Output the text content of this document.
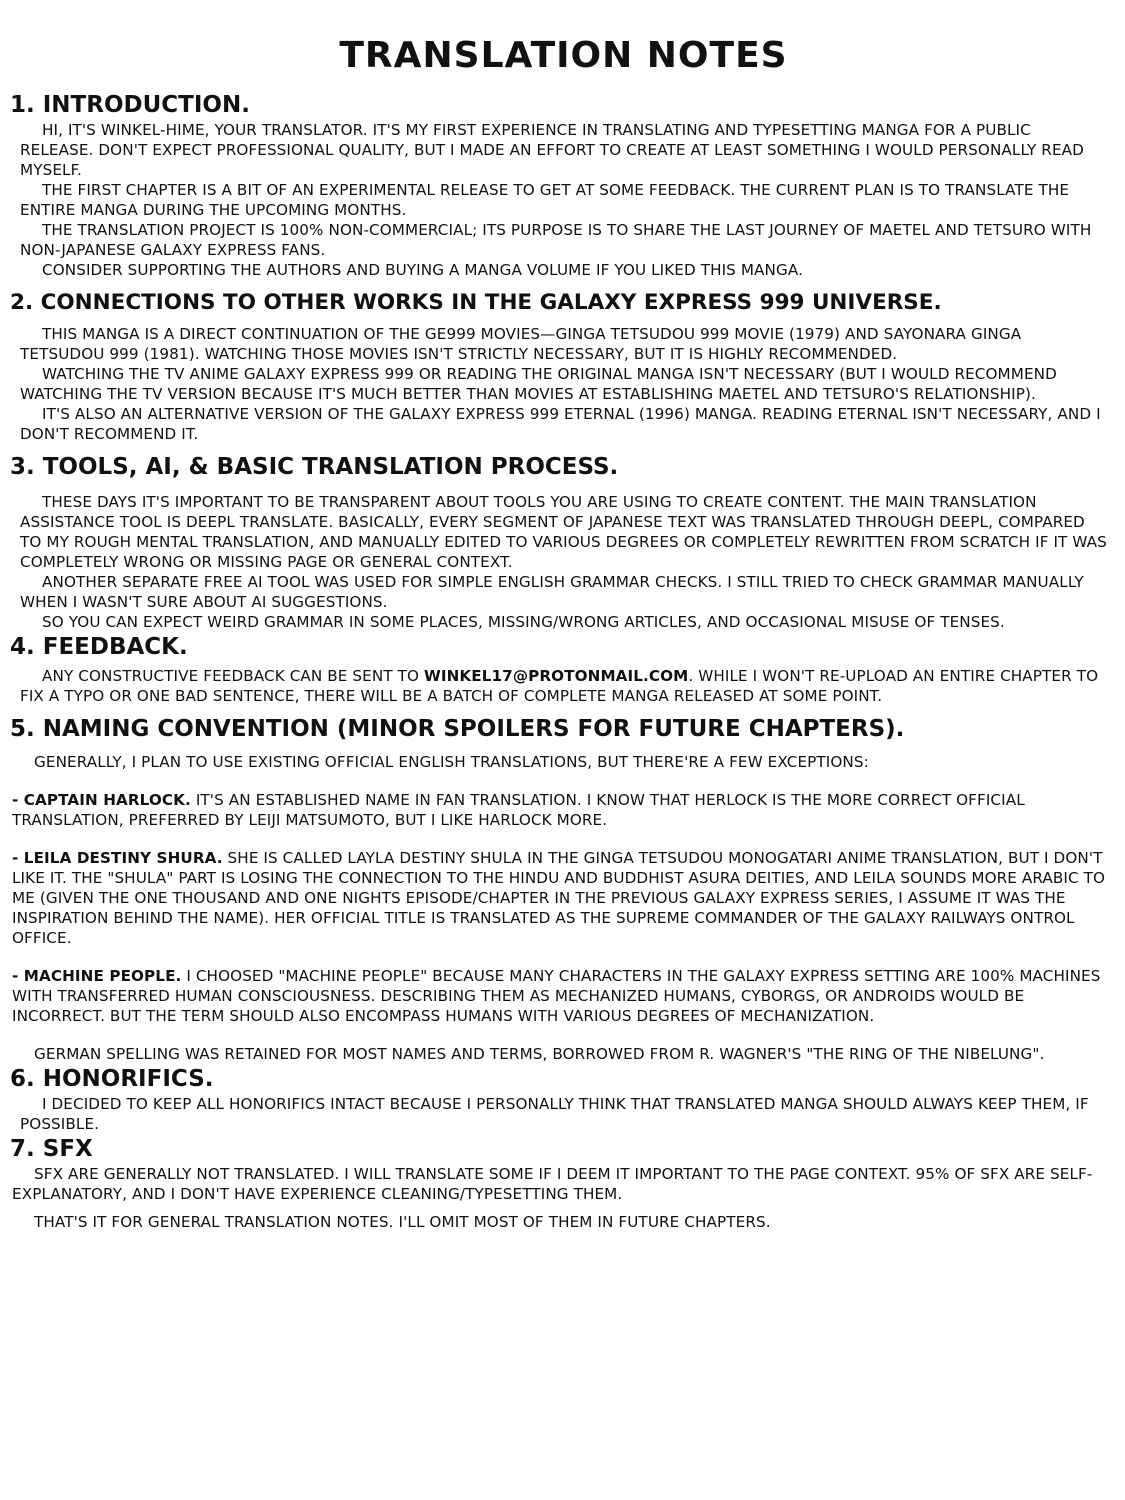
TRANSLATION NOTES
1. INTRODUCTION.

HI, IT'S WINKEL-HIME, YOUR TRANSLATOR. IT'S MY FIRST EXPERIENCE IN TRANSLATING AND TYPESETTING MANGA FOR A PUBLIC RELEASE. DON'T EXPECT PROFESSIONAL QUALITY, BUT I MADE AN EFFORT TO CREATE AT LEAST SOMETHING I WOULD PERSONALLY READ MYSELF.

THE FIRST CHAPTER IS A BIT OF AN EXPERIMENTAL RELEASE TO GET AT SOME FEEDBACK. THE CURRENT PLAN IS TO TRANSLATE THE ENTIRE MANGA DURING THE UPCOMING MONTHS.

THE TRANSLATION PROJECT IS 100% NON-COMMERCIAL; ITS PURPOSE IS TO SHARE THE LAST JOURNEY OF MAETEL AND TETSURO WITH NON-JAPANESE GALAXY EXPRESS FANS.

CONSIDER SUPPORTING THE AUTHORS AND BUYING A MANGA VOLUME IF YOU LIKED THIS MANGA.

2. CONNECTIONS TO OTHER WORKS IN THE GALAXY EXPRESS 999 UNIVERSE.

THIS MANGA IS A DIRECT CONTINUATION OF THE GE999 MOVIES—GINGA TETSUDOU 999 MOVIE (1979) AND SAYONARA GINGA TETSUDOU 999 (1981). WATCHING THOSE MOVIES ISN'T STRICTLY NECESSARY, BUT IT IS HIGHLY RECOMMENDED.

WATCHING THE TV ANIME GALAXY EXPRESS 999 OR READING THE ORIGINAL MANGA ISN'T NECESSARY (BUT I WOULD RECOMMEND WATCHING THE TV VERSION BECAUSE IT'S MUCH BETTER THAN MOVIES AT ESTABLISHING MAETEL AND TETSURO'S RELATIONSHIP).

IT'S ALSO AN ALTERNATIVE VERSION OF THE GALAXY EXPRESS 999 ETERNAL (1996) MANGA. READING ETERNAL ISN'T NECESSARY, AND I DON'T RECOMMEND IT.

3. TOOLS, AI, & BASIC TRANSLATION PROCESS.

THESE DAYS IT'S IMPORTANT TO BE TRANSPARENT ABOUT TOOLS YOU ARE USING TO CREATE CONTENT. THE MAIN TRANSLATION ASSISTANCE TOOL IS DEEPL TRANSLATE. BASICALLY, EVERY SEGMENT OF JAPANESE TEXT WAS TRANSLATED THROUGH DEEPL, COMPARED TO MY ROUGH MENTAL TRANSLATION, AND MANUALLY EDITED TO VARIOUS DEGREES OR COMPLETELY REWRITTEN FROM SCRATCH IF IT WAS COMPLETELY WRONG OR MISSING PAGE OR GENERAL CONTEXT.

ANOTHER SEPARATE FREE AI TOOL WAS USED FOR SIMPLE ENGLISH GRAMMAR CHECKS. I STILL TRIED TO CHECK GRAMMAR MANUALLY WHEN I WASN'T SURE ABOUT AI SUGGESTIONS.

SO YOU CAN EXPECT WEIRD GRAMMAR IN SOME PLACES, MISSING/WRONG ARTICLES, AND OCCASIONAL MISUSE OF TENSES.

4. FEEDBACK.

ANY CONSTRUCTIVE FEEDBACK CAN BE SENT TO WINKEL17@PROTONMAIL.COM. WHILE I WON'T RE-UPLOAD AN ENTIRE CHAPTER TO FIX A TYPO OR ONE BAD SENTENCE, THERE WILL BE A BATCH OF COMPLETE MANGA RELEASED AT SOME POINT.

5. NAMING CONVENTION (MINOR SPOILERS FOR FUTURE CHAPTERS).

GENERALLY, I PLAN TO USE EXISTING OFFICIAL ENGLISH TRANSLATIONS, BUT THERE'RE A FEW EXCEPTIONS:

- CAPTAIN HARLOCK. IT'S AN ESTABLISHED NAME IN FAN TRANSLATION. I KNOW THAT HERLOCK IS THE MORE CORRECT OFFICIAL TRANSLATION, PREFERRED BY LEIJI MATSUMOTO, BUT I LIKE HARLOCK MORE.

- LEILA DESTINY SHURA. SHE IS CALLED LAYLA DESTINY SHULA IN THE GINGA TETSUDOU MONOGATARI ANIME TRANSLATION, BUT I DON'T LIKE IT. THE "SHULA" PART IS LOSING THE CONNECTION TO THE HINDU AND BUDDHIST ASURA DEITIES, AND LEILA SOUNDS MORE ARABIC TO ME (GIVEN THE ONE THOUSAND AND ONE NIGHTS EPISODE/CHAPTER IN THE PREVIOUS GALAXY EXPRESS SERIES, I ASSUME IT WAS THE INSPIRATION BEHIND THE NAME). HER OFFICIAL TITLE IS TRANSLATED AS THE SUPREME COMMANDER OF THE GALAXY RAILWAYS ONTROL OFFICE.

- MACHINE PEOPLE. I CHOOSED "MACHINE PEOPLE" BECAUSE MANY CHARACTERS IN THE GALAXY EXPRESS SETTING ARE 100% MACHINES WITH TRANSFERRED HUMAN CONSCIOUSNESS. DESCRIBING THEM AS MECHANIZED HUMANS, CYBORGS, OR ANDROIDS WOULD BE INCORRECT. BUT THE TERM SHOULD ALSO ENCOMPASS HUMANS WITH VARIOUS DEGREES OF MECHANIZATION.

GERMAN SPELLING WAS RETAINED FOR MOST NAMES AND TERMS, BORROWED FROM R. WAGNER'S "THE RING OF THE NIBELUNG".

6. HONORIFICS.

I DECIDED TO KEEP ALL HONORIFICS INTACT BECAUSE I PERSONALLY THINK THAT TRANSLATED MANGA SHOULD ALWAYS KEEP THEM, IF POSSIBLE.

7. SFX

SFX ARE GENERALLY NOT TRANSLATED. I WILL TRANSLATE SOME IF I DEEM IT IMPORTANT TO THE PAGE CONTEXT. 95% OF SFX ARE SELF-EXPLANATORY, AND I DON'T HAVE EXPERIENCE CLEANING/TYPESETTING THEM.

THAT'S IT FOR GENERAL TRANSLATION NOTES. I'LL OMIT MOST OF THEM IN FUTURE CHAPTERS.
